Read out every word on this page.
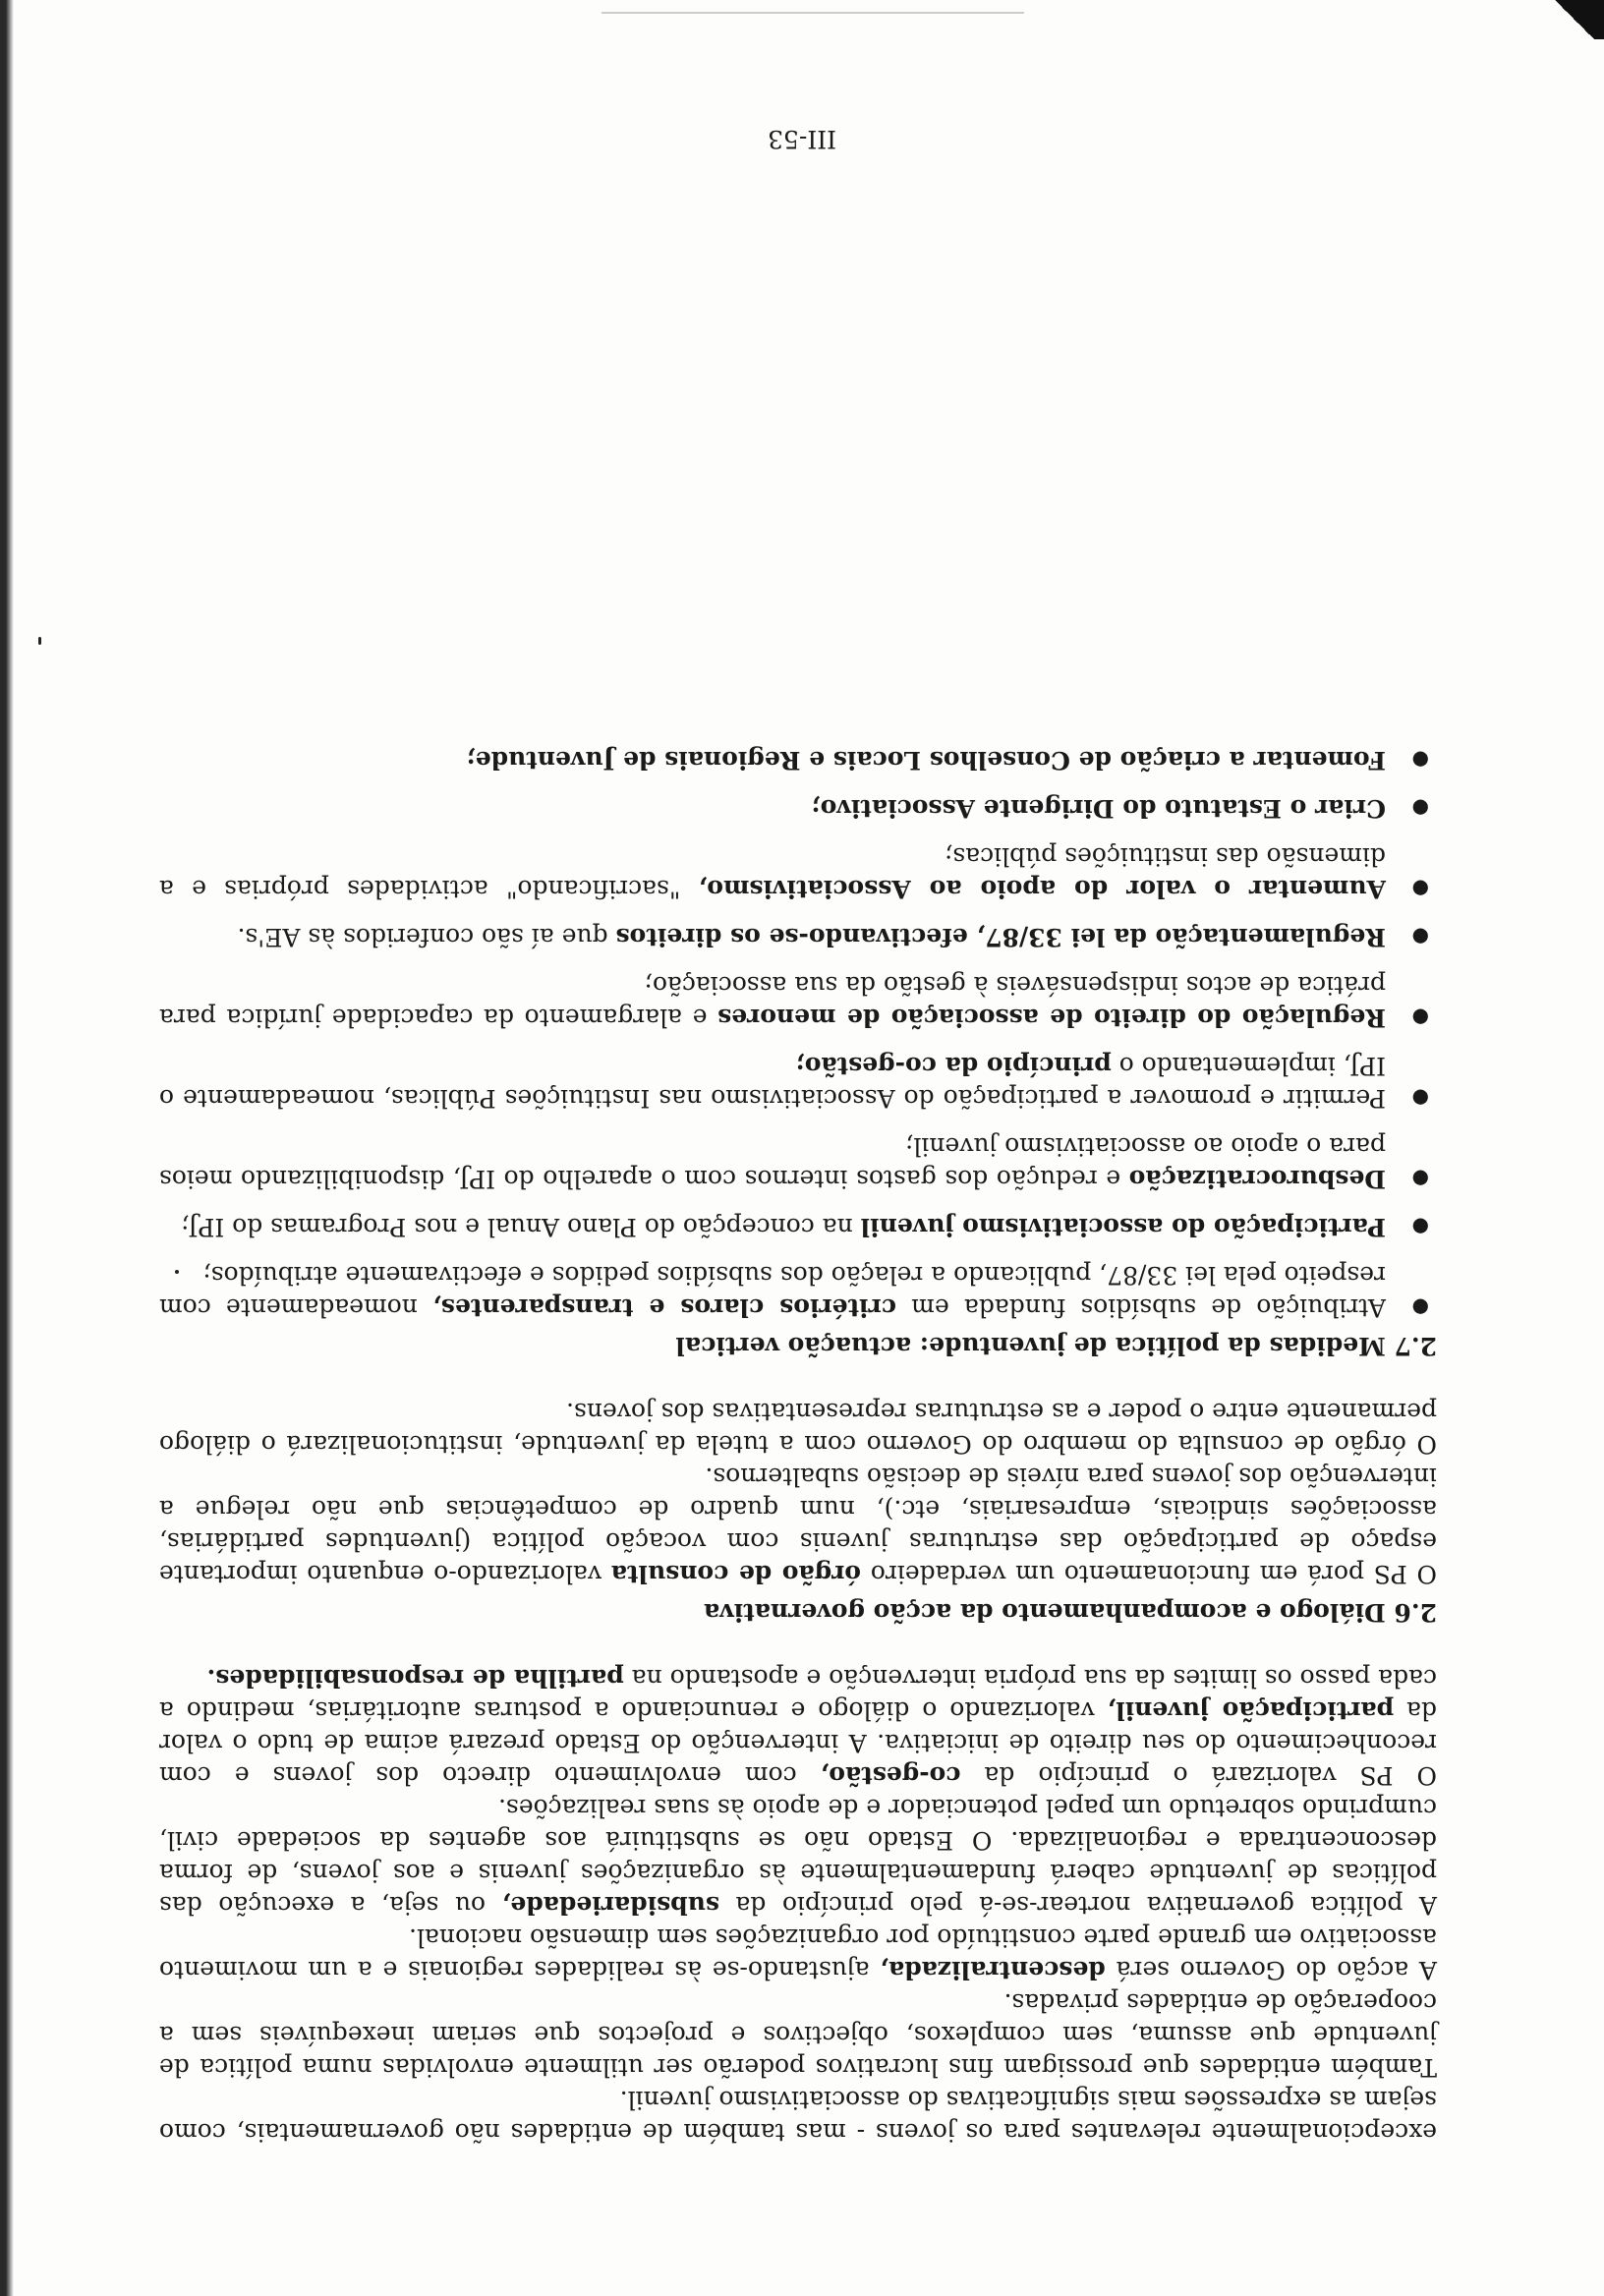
excepcionalmente relevantes para os jovens - mas também de entidades não governamentais, como sejam as expressões mais significativas do associativismo juvenil.

Também entidades que prossigam fins lucrativos poderão ser utilmente envolvidas numa política de juventude que assuma, sem complexos, objectivos e projectos que seriam inexequíveis sem a cooperação de entidades privadas.

A acção do Governo será descentralizada, ajustando-se às realidades regionais e a um movimento associativo em grande parte constituído por organizações sem dimensão nacional.

A política governativa nortear-se-á pelo princípio da subsidariedade, ou seja, a execução das políticas de juventude caberá fundamentalmente às organizações juvenis e aos jovens, de forma desconcentrada e regionalizada. O Estado não se substituirá aos agentes da sociedade civil, cumprindo sobretudo um papel potenciador e de apoio às suas realizações.

O PS valorizará o princípio da co-gestão, com envolvimento directo dos jovens e com reconhecimento do seu direito de iniciativa. A intervenção do Estado prezará acima de tudo o valor da participação juvenil, valorizando o diálogo e renunciando a posturas autoritárias, medindo a cada passo os limites da sua própria intervenção e apostando na partilha de responsabilidades.

2.6 Diálogo e acompanhamento da acção governativa

O PS porá em funcionamento um verdadeiro órgão de consulta valorizando-o enquanto importante espaço de participação das estruturas juvenis com vocação política (juventudes partidárias, associações sindicais, empresariais, etc.), num quadro de competências que não relegue a intervenção dos jovens para níveis de decisão subalternos.

O órgão de consulta do membro do Governo com a tutela da juventude, institucionalizará o diálogo permanente entre o poder e as estruturas representativas dos jovens.

2.7 Medidas da política de juventude: actuação vertical
●
Atribuição de subsídios fundada em critérios claros e transparentes, nomeadamente com respeito pela lei 33/87, publicando a relação dos subsídios pedidos e efectivamente atribuídos;
●
Participação do associativismo juvenil na concepção do Plano Anual e nos Programas do IPJ;
●
Desburocratização e redução dos gastos internos com o aparelho do IPJ, disponibilizando meios para o apoio ao associativismo juvenil;
●
Permitir e promover a participação do Associativismo nas Instituições Públicas, nomeadamente o IPJ, implementando o princípio da co-gestão;
●
Regulação do direito de associação de menores e alargamento da capacidade jurídica para prática de actos indispensáveis à gestão da sua associação;
●
Regulamentação da lei 33/87, efectivando-se os direitos que aí são conferidos às AE's.
●
Aumentar o valor do apoio ao Associativismo, "sacrificando" actividades próprias e a dimensão das instituições públicas;
●
Criar o Estatuto do Dirigente Associativo;
●
Fomentar a criação de Conselhos Locais e Regionais de Juventude;
III-53
